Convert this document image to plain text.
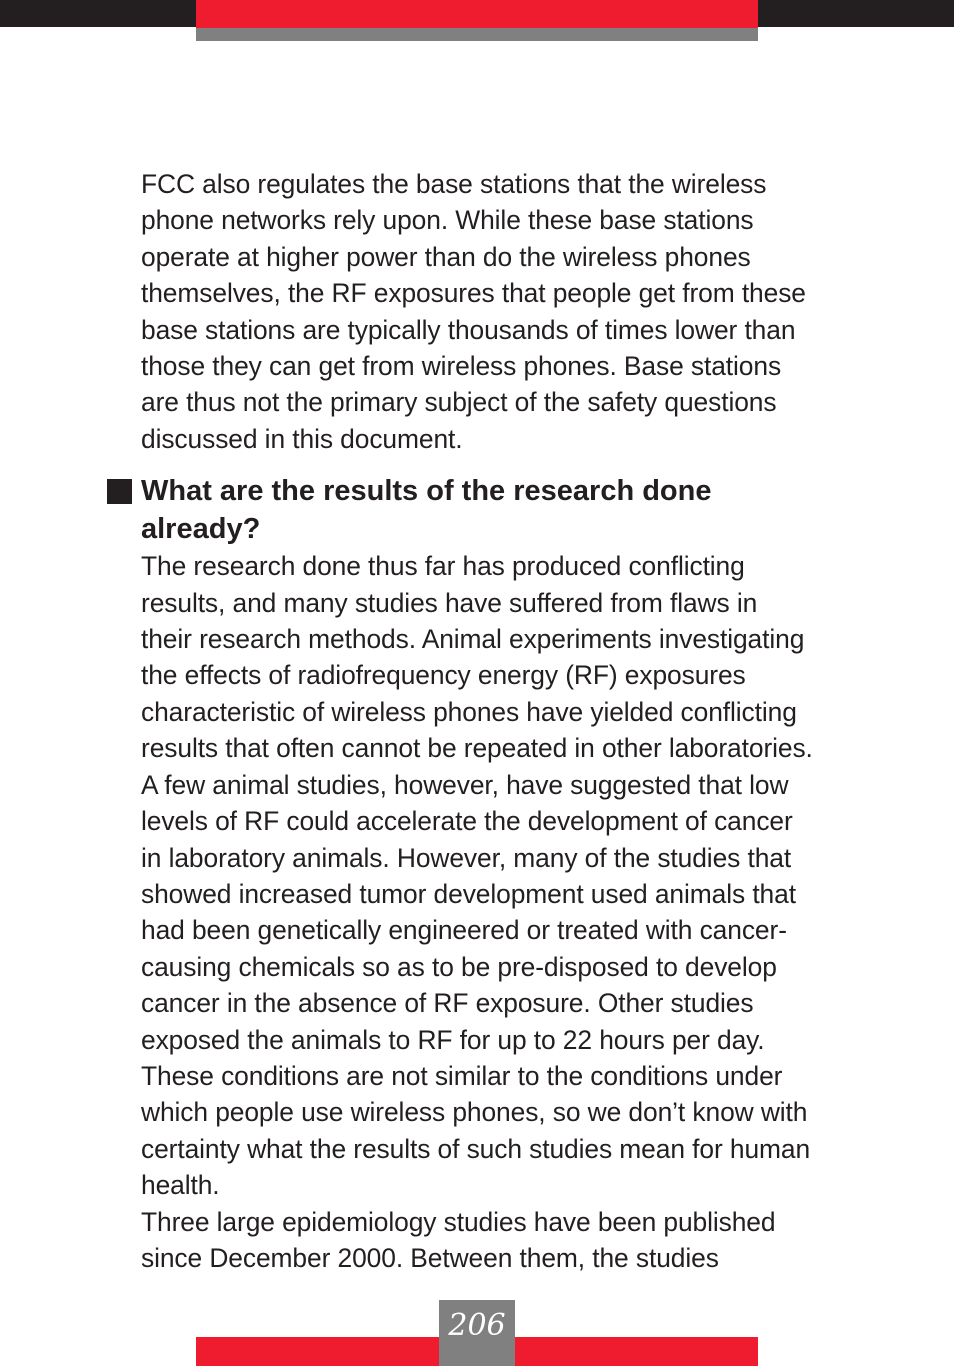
FCC also regulates the base stations that the wireless
phone networks rely upon. While these base stations
operate at higher power than do the wireless phones
themselves, the RF exposures that people get from these
base stations are typically thousands of times lower than
those they can get from wireless phones. Base stations
are thus not the primary subject of the safety questions
discussed in this document.

What are the results of the research done
already?

The research done thus far has produced conflicting
results, and many studies have suffered from flaws in
their research methods. Animal experiments investigating
the effects of radiofrequency energy (RF) exposures
characteristic of wireless phones have yielded conflicting
results that often cannot be repeated in other laboratories.
A few animal studies, however, have suggested that low
levels of RF could accelerate the development of cancer
in laboratory animals. However, many of the studies that
showed increased tumor development used animals that
had been genetically engineered or treated with cancer-
causing chemicals so as to be pre-disposed to develop
cancer in the absence of RF exposure. Other studies
exposed the animals to RF for up to 22 hours per day.
These conditions are not similar to the conditions under
which people use wireless phones, so we don’t know with
certainty what the results of such studies mean for human
health.

Three large epidemiology studies have been published
since December 2000. Between them, the studies

206
